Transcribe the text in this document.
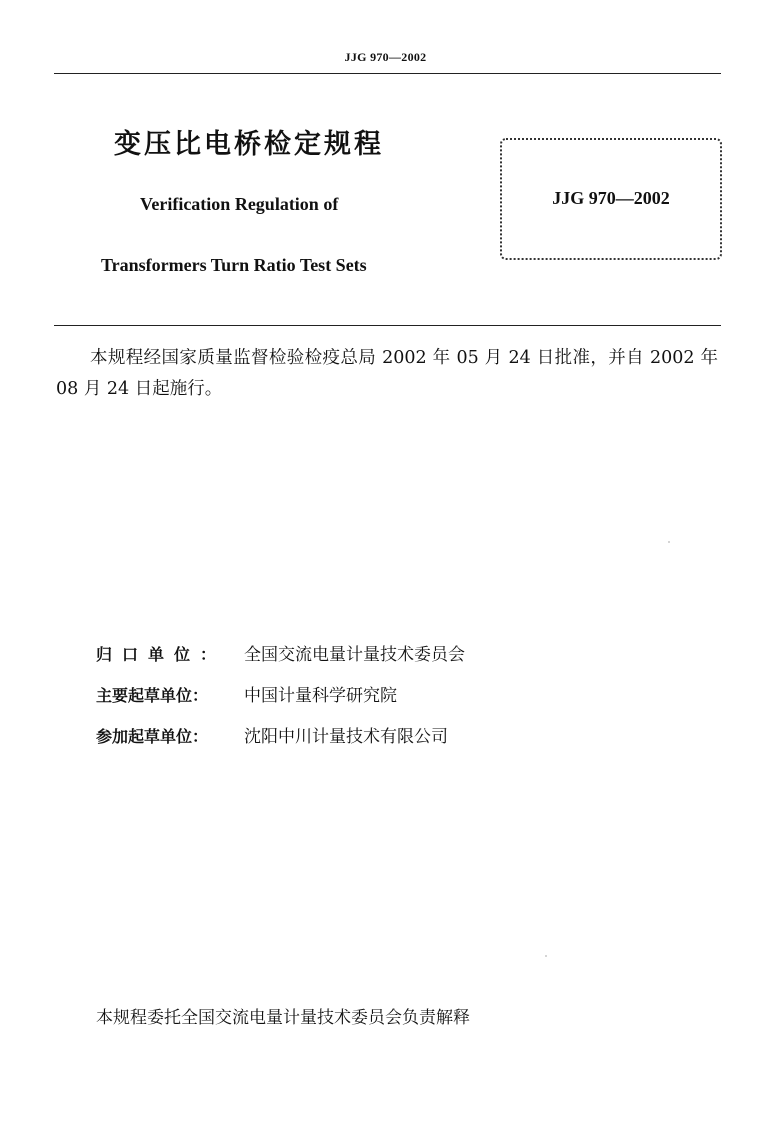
JJG 970—2002
变压比电桥检定规程
Verification Regulation of
Transformers Turn Ratio Test Sets
JJG 970—2002
本规程经国家质量监督检验检疫总局 2002 年 05 月 24 日批准，并自 2002 年 08 月 24 日起施行。
归口单位： 全国交流电量计量技术委员会
主要起草单位： 中国计量科学研究院
参加起草单位： 沈阳中川计量技术有限公司
本规程委托全国交流电量计量技术委员会负责解释
